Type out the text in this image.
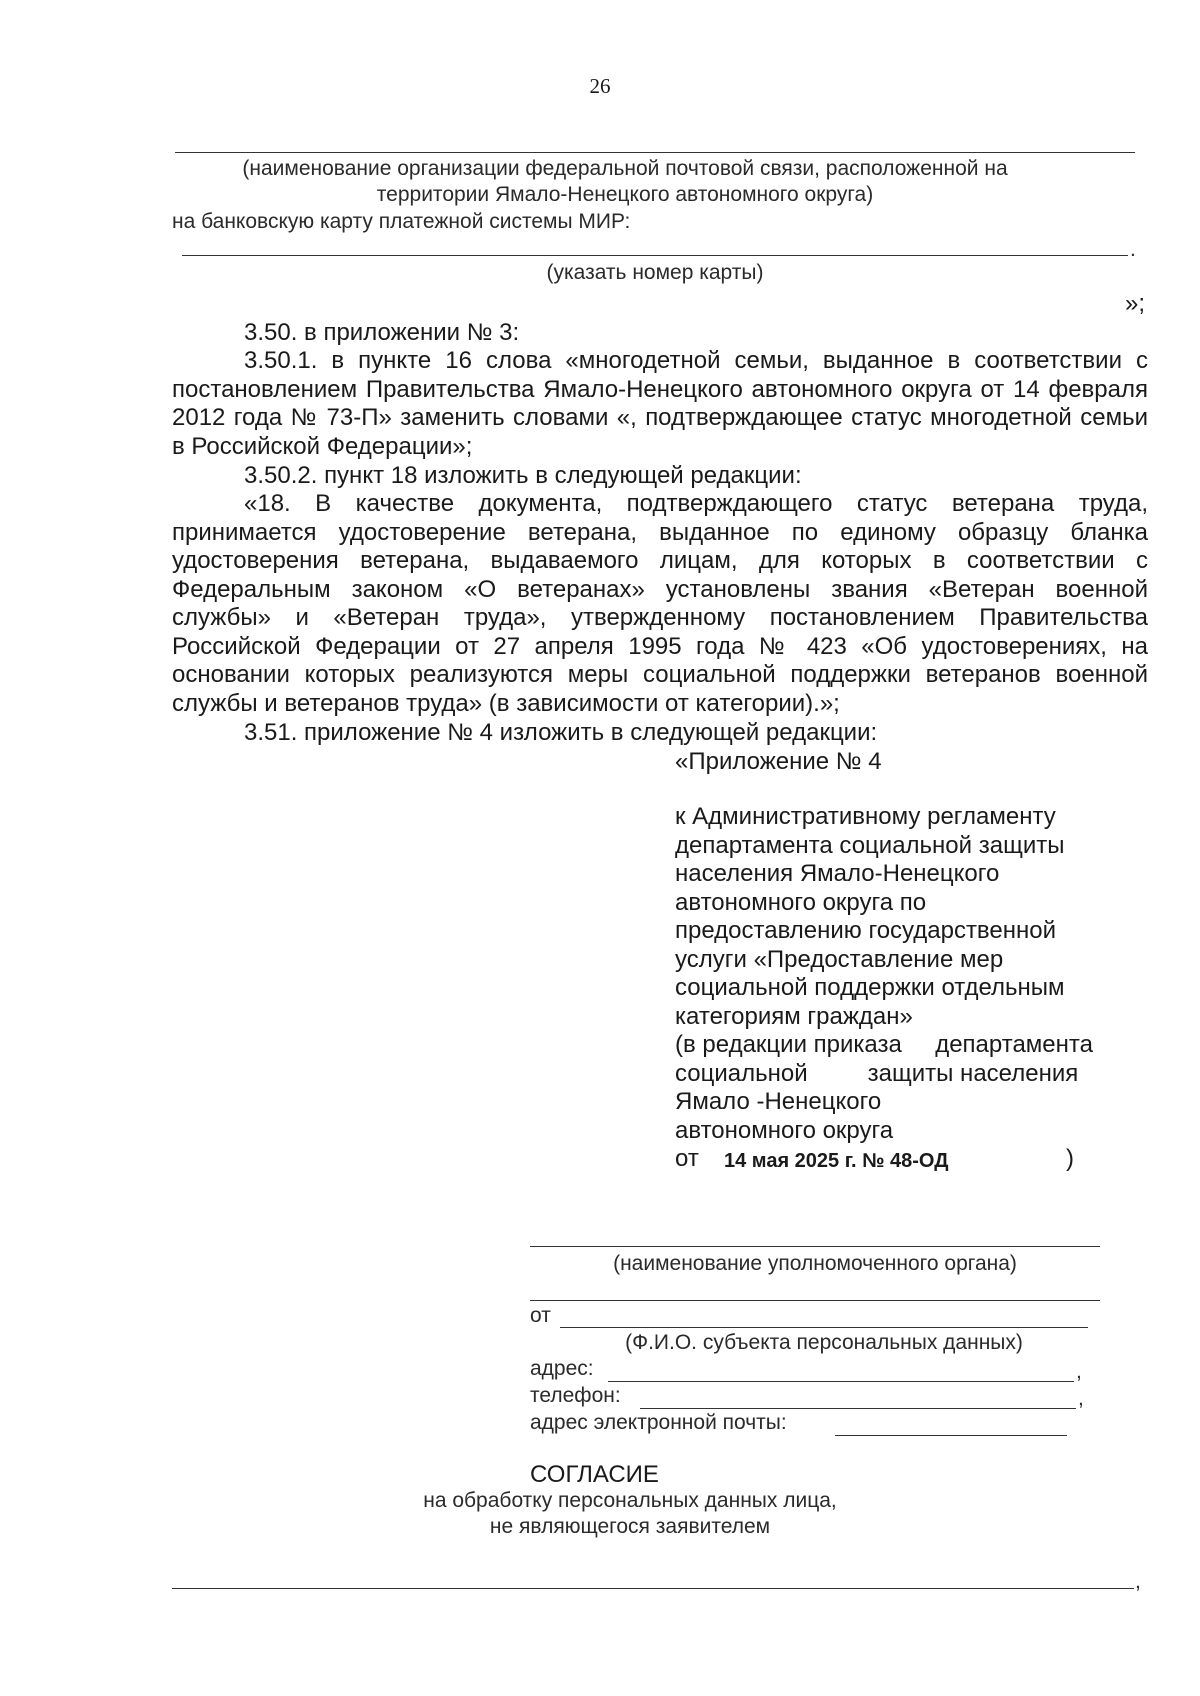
26
(наименование организации федеральной почтовой связи, расположенной на
территории Ямало-Ненецкого автономного округа)
на банковскую карту платежной системы МИР:
.
(указать номер карты)
»;
3.50. в приложении № 3:

3.50.1. в пункте 16 слова «многодетной семьи, выданное в соответствии с постановлением Правительства Ямало-Ненецкого автономного округа от 14 февраля 2012 года № 73-П» заменить словами «, подтверждающее статус многодетной семьи в Российской Федерации»;

3.50.2. пункт 18 изложить в следующей редакции:

«18. В качестве документа, подтверждающего статус ветерана труда, принимается удостоверение ветерана, выданное по единому образцу бланка удостоверения ветерана, выдаваемого лицам, для которых в соответствии с Федеральным законом «О ветеранах» установлены звания «Ветеран военной службы» и «Ветеран труда», утвержденному постановлением Правительства Российской Федерации от 27 апреля 1995 года № 423 «Об удостоверениях, на основании которых реализуются меры социальной поддержки ветеранов военной службы и ветеранов труда» (в зависимости от категории).»;

3.51. приложение № 4 изложить в следующей редакции:
«Приложение № 4
к Административному регламенту
департамента социальной защиты
населения Ямало-Ненецкого
автономного округа по
предоставлению государственной
услуги «Предоставление мер
социальной поддержки отдельным
категориям граждан»
(в редакции приказа     департамента
социальной         защиты населения
Ямало -Ненецкого
автономного округа
от 14 мая 2025 г. № 48-ОД	)
(наименование уполномоченного органа)
от
(Ф.И.О. субъекта персональных данных)
адрес:	,
телефон:	,
адрес электронной почты:
СОГЛАСИЕ
на обработку персональных данных лица,
не являющегося заявителем
,
